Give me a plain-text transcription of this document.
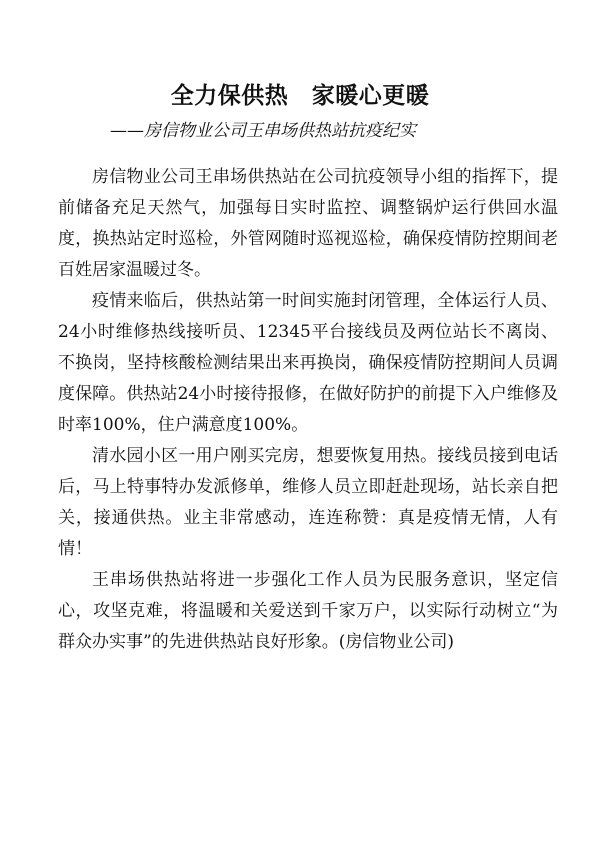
全力保供热　家暖心更暖
——房信物业公司王串场供热站抗疫纪实

房信物业公司王串场供热站在公司抗疫领导小组的指挥下，提前储备充足天然气，加强每日实时监控、调整锅炉运行供回水温度，换热站定时巡检，外管网随时巡视巡检，确保疫情防控期间老百姓居家温暖过冬。

疫情来临后，供热站第一时间实施封闭管理，全体运行人员、24小时维修热线接听员、12345平台接线员及两位站长不离岗、不换岗，坚持核酸检测结果出来再换岗，确保疫情防控期间人员调度保障。供热站24小时接待报修，在做好防护的前提下入户维修及时率100%，住户满意度100%。

清水园小区一用户刚买完房，想要恢复用热。接线员接到电话后，马上特事特办发派修单，维修人员立即赶赴现场，站长亲自把关，接通供热。业主非常感动，连连称赞：真是疫情无情，人有情！

王串场供热站将进一步强化工作人员为民服务意识，坚定信心，攻坚克难，将温暖和关爱送到千家万户，以实际行动树立“为群众办实事”的先进供热站良好形象。(房信物业公司)
